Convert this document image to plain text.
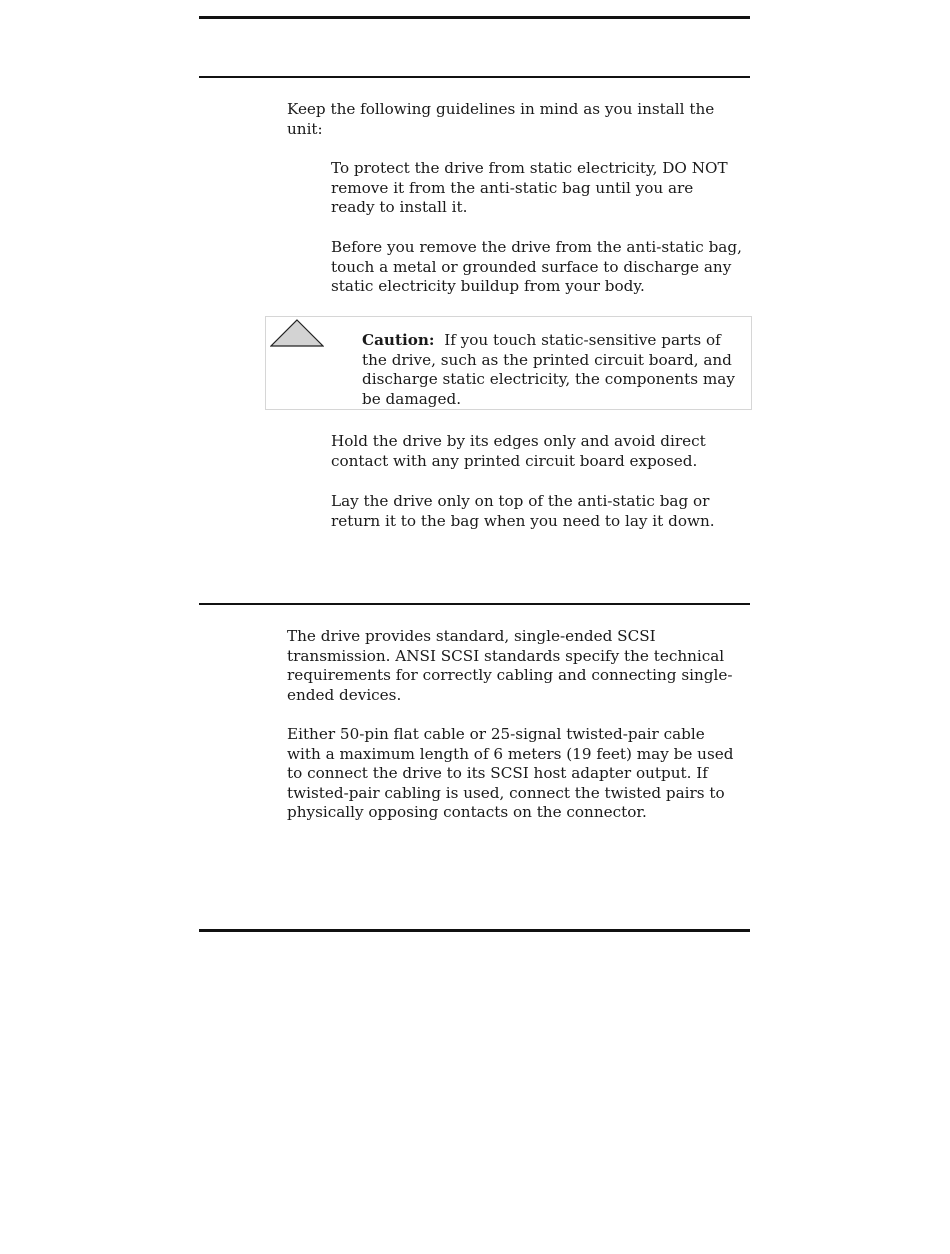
Keep the following guidelines in mind as you install the
unit:

To protect the drive from static electricity, DO NOT
remove it from the anti-static bag until you are
ready to install it.

Before you remove the drive from the anti-static bag,
touch a metal or grounded surface to discharge any
static electricity buildup from your body.

Caution: If you touch static-sensitive parts of
the drive, such as the printed circuit board, and
discharge static electricity, the components may
be damaged.

Hold the drive by its edges only and avoid direct
contact with any printed circuit board exposed.

Lay the drive only on top of the anti-static bag or
return it to the bag when you need to lay it down.

The drive provides standard, single-ended SCSI
transmission. ANSI SCSI standards specify the technical
requirements for correctly cabling and connecting single-
ended devices.

Either 50-pin flat cable or 25-signal twisted-pair cable
with a maximum length of 6 meters (19 feet) may be used
to connect the drive to its SCSI host adapter output. If
twisted-pair cabling is used, connect the twisted pairs to
physically opposing contacts on the connector.
